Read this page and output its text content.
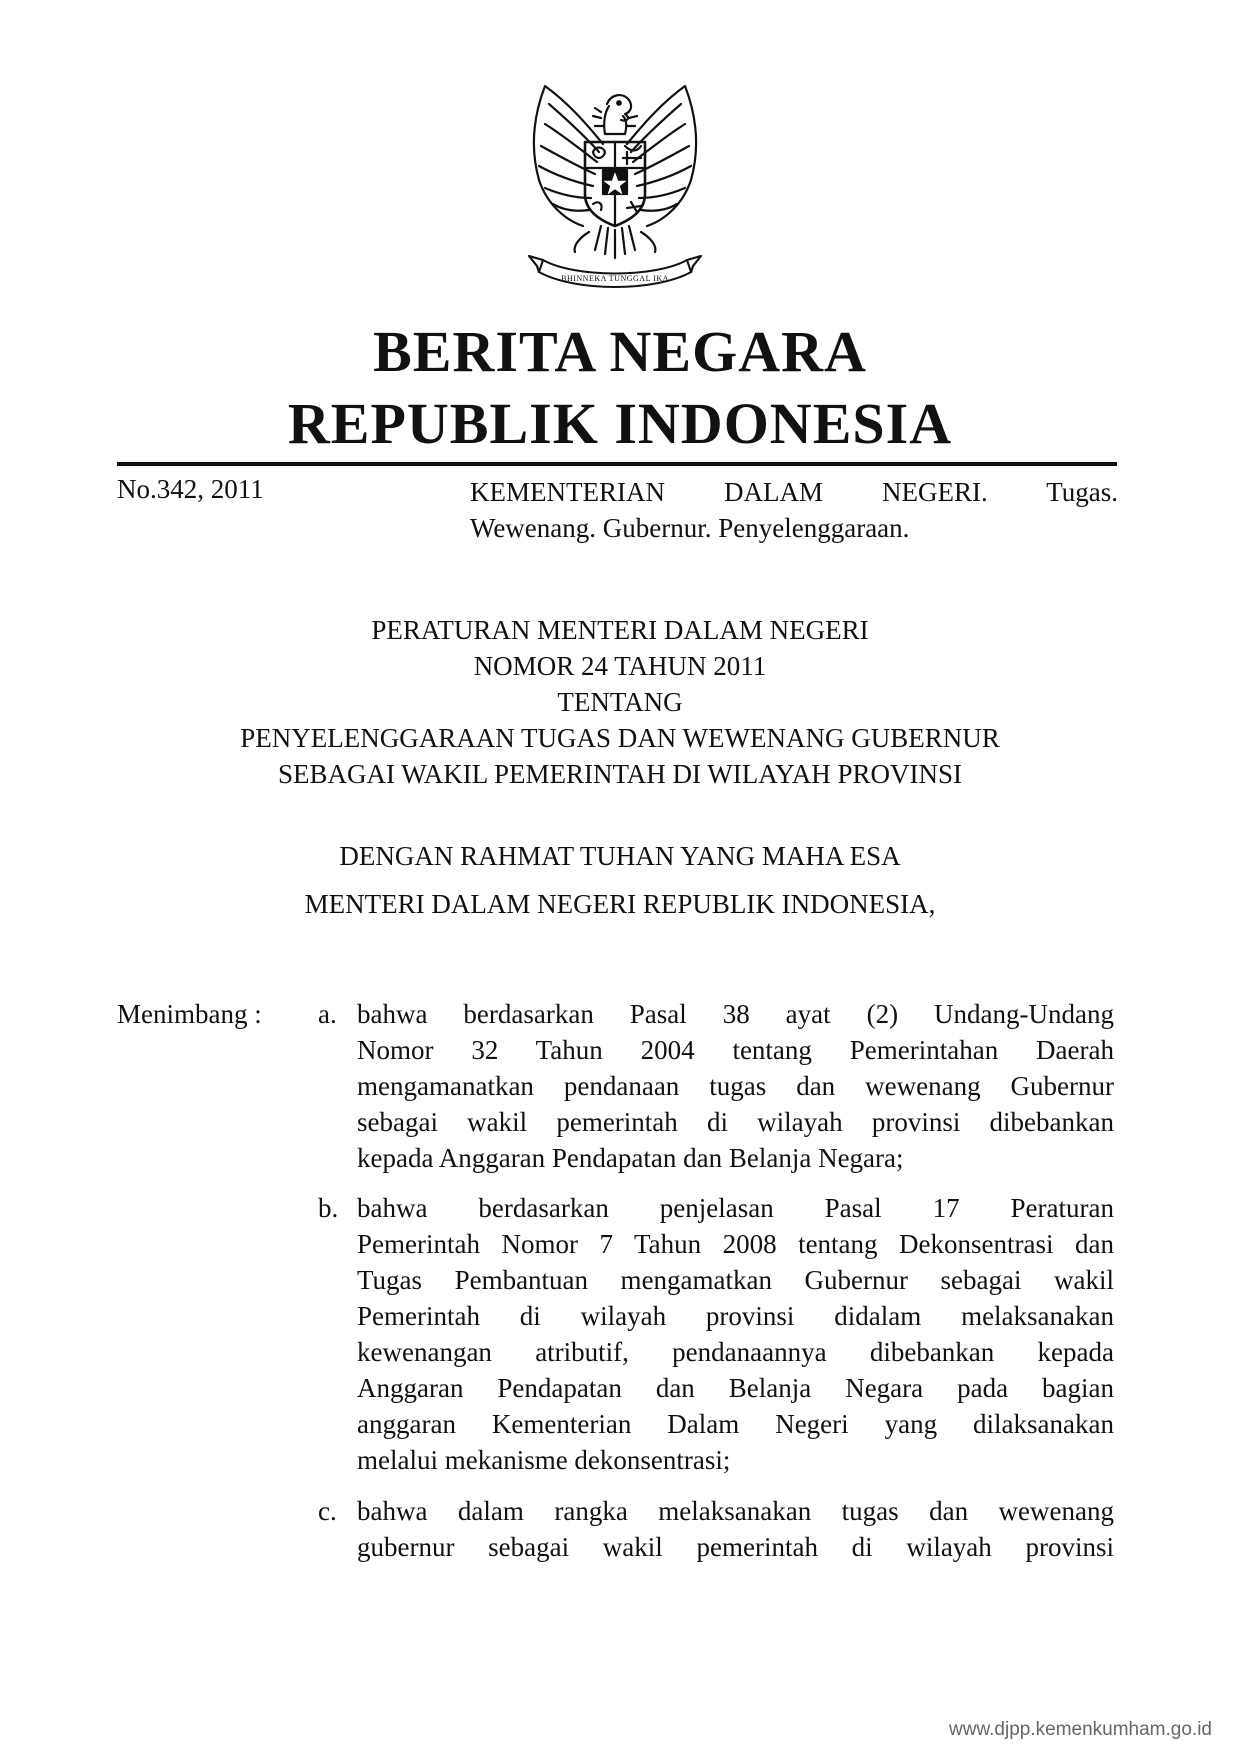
BHINNEKA TUNGGAL IKA
BERITA NEGARA
REPUBLIK INDONESIA
No.342, 2011	KEMENTERIAN DALAM NEGERI. Tugas.
Wewenang. Gubernur. Penyelenggaraan.
PERATURAN MENTERI DALAM NEGERI
NOMOR 24 TAHUN 2011
TENTANG
PENYELENGGARAAN TUGAS DAN WEWENANG GUBERNUR
SEBAGAI WAKIL PEMERINTAH DI WILAYAH PROVINSI
DENGAN RAHMAT TUHAN YANG MAHA ESA
MENTERI DALAM NEGERI REPUBLIK INDONESIA,
Menimbang : a. bahwa berdasarkan Pasal 38 ayat (2) Undang-Undang
Nomor 32 Tahun 2004 tentang Pemerintahan Daerah
mengamanatkan pendanaan tugas dan wewenang Gubernur
sebagai wakil pemerintah di wilayah provinsi dibebankan
kepada Anggaran Pendapatan dan Belanja Negara;
b. bahwa berdasarkan penjelasan Pasal 17 Peraturan
Pemerintah Nomor 7 Tahun 2008 tentang Dekonsentrasi dan
Tugas Pembantuan mengamatkan Gubernur sebagai wakil
Pemerintah di wilayah provinsi didalam melaksanakan
kewenangan atributif, pendanaannya dibebankan kepada
Anggaran Pendapatan dan Belanja Negara pada bagian
anggaran Kementerian Dalam Negeri yang dilaksanakan
melalui mekanisme dekonsentrasi;
c. bahwa dalam rangka melaksanakan tugas dan wewenang
gubernur sebagai wakil pemerintah di wilayah provinsi
www.djpp.kemenkumham.go.id
